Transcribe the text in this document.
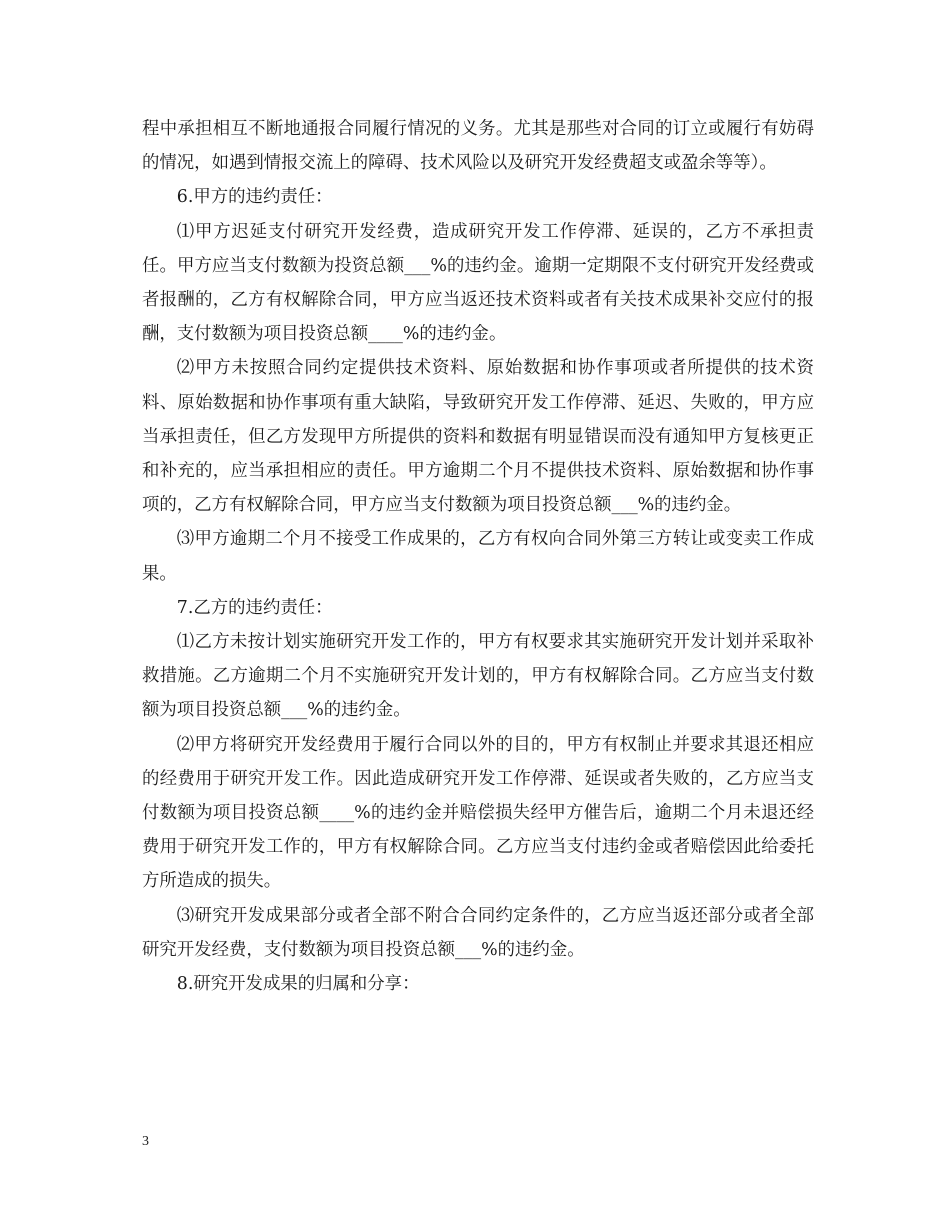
程中承担相互不断地通报合同履行情况的义务。尤其是那些对合同的订立或履行有妨碍的情况，如遇到情报交流上的障碍、技术风险以及研究开发经费超支或盈余等等）。

6.甲方的违约责任：

⑴甲方迟延支付研究开发经费，造成研究开发工作停滞、延误的，乙方不承担责任。甲方应当支付数额为投资总额___%的违约金。逾期一定期限不支付研究开发经费或者报酬的，乙方有权解除合同，甲方应当返还技术资料或者有关技术成果补交应付的报酬，支付数额为项目投资总额____%的违约金。

⑵甲方未按照合同约定提供技术资料、原始数据和协作事项或者所提供的技术资料、原始数据和协作事项有重大缺陷，导致研究开发工作停滞、延迟、失败的，甲方应当承担责任，但乙方发现甲方所提供的资料和数据有明显错误而没有通知甲方复核更正和补充的，应当承担相应的责任。甲方逾期二个月不提供技术资料、原始数据和协作事项的，乙方有权解除合同，甲方应当支付数额为项目投资总额___%的违约金。

⑶甲方逾期二个月不接受工作成果的，乙方有权向合同外第三方转让或变卖工作成果。

7.乙方的违约责任：

⑴乙方未按计划实施研究开发工作的，甲方有权要求其实施研究开发计划并采取补救措施。乙方逾期二个月不实施研究开发计划的，甲方有权解除合同。乙方应当支付数额为项目投资总额___%的违约金。

⑵甲方将研究开发经费用于履行合同以外的目的，甲方有权制止并要求其退还相应的经费用于研究开发工作。因此造成研究开发工作停滞、延误或者失败的，乙方应当支付数额为项目投资总额____%的违约金并赔偿损失经甲方催告后，逾期二个月未退还经费用于研究开发工作的，甲方有权解除合同。乙方应当支付违约金或者赔偿因此给委托方所造成的损失。

⑶研究开发成果部分或者全部不附合合同约定条件的，乙方应当返还部分或者全部研究开发经费，支付数额为项目投资总额___%的违约金。

8.研究开发成果的归属和分享：

3
